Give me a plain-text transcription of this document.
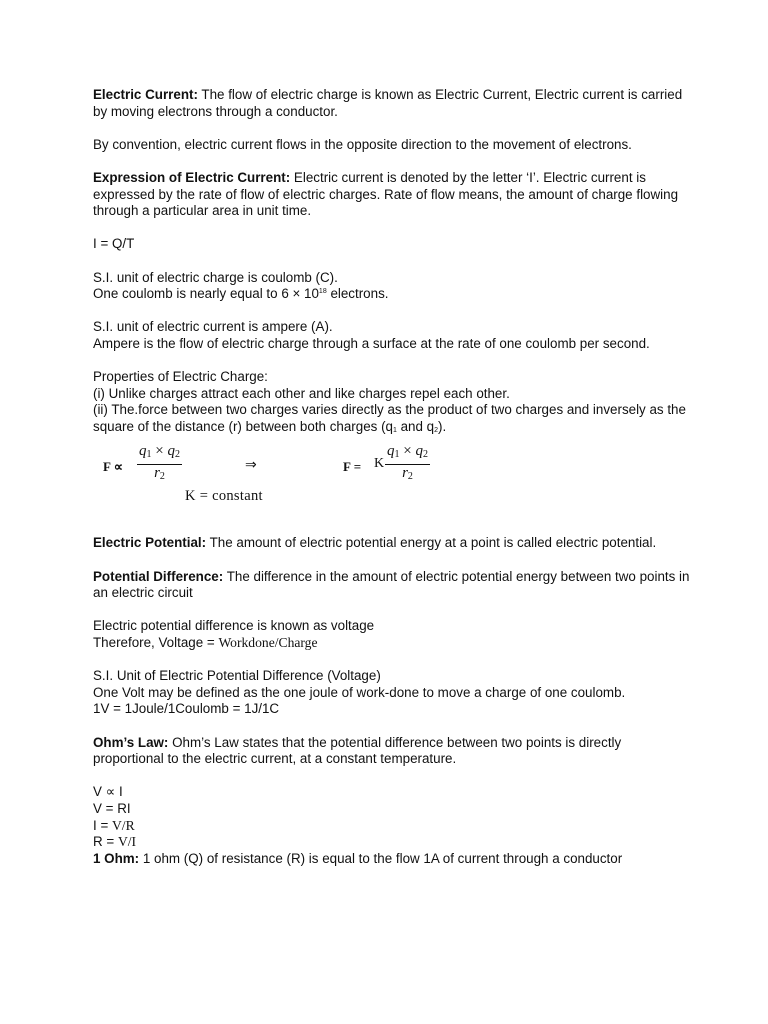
Electric Current: The flow of electric charge is known as Electric Current, Electric current is carried by moving electrons through a conductor.

By convention, electric current flows in the opposite direction to the movement of electrons.

Expression of Electric Current: Electric current is denoted by the letter ‘I’. Electric current is expressed by the rate of flow of electric charges. Rate of flow means, the amount of charge flowing through a particular area in unit time.

I = Q/T

S.I. unit of electric charge is coulomb (C).
One coulomb is nearly equal to $6 \times 10^{18}$ electrons.

S.I. unit of electric current is ampere (A).
Ampere is the flow of electric charge through a surface at the rate of one coulomb per second.

Properties of Electric Charge:
(i) Unlike charges attract each other and like charges repel each other.
(ii) The.force between two charges varies directly as the product of two charges and inversely as the square of the distance (r) between both charges ($q_1$ and $q_2$).

$F \propto \frac{q_1 \times q_2}{r_2}$	⇒	F = K $\frac{q_1 \times q_2}{r_2}$
K = constant

Electric Potential: The amount of electric potential energy at a point is called electric potential.

Potential Difference: The difference in the amount of electric potential energy between two points in an electric circuit

Electric potential difference is known as voltage
Therefore, Voltage = Workdone/Charge

S.I. Unit of Electric Potential Difference (Voltage)
One Volt may be defined as the one joule of work-done to move a charge of one coulomb.
1V = 1Joule/1Coulomb = 1J/1C

Ohm’s Law: Ohm’s Law states that the potential difference between two points is directly proportional to the electric current, at a constant temperature.

V ∝ I
V = RI
I = V/R
R = V/I
1 Ohm: 1 ohm (Q) of resistance (R) is equal to the flow 1A of current through a conductor
